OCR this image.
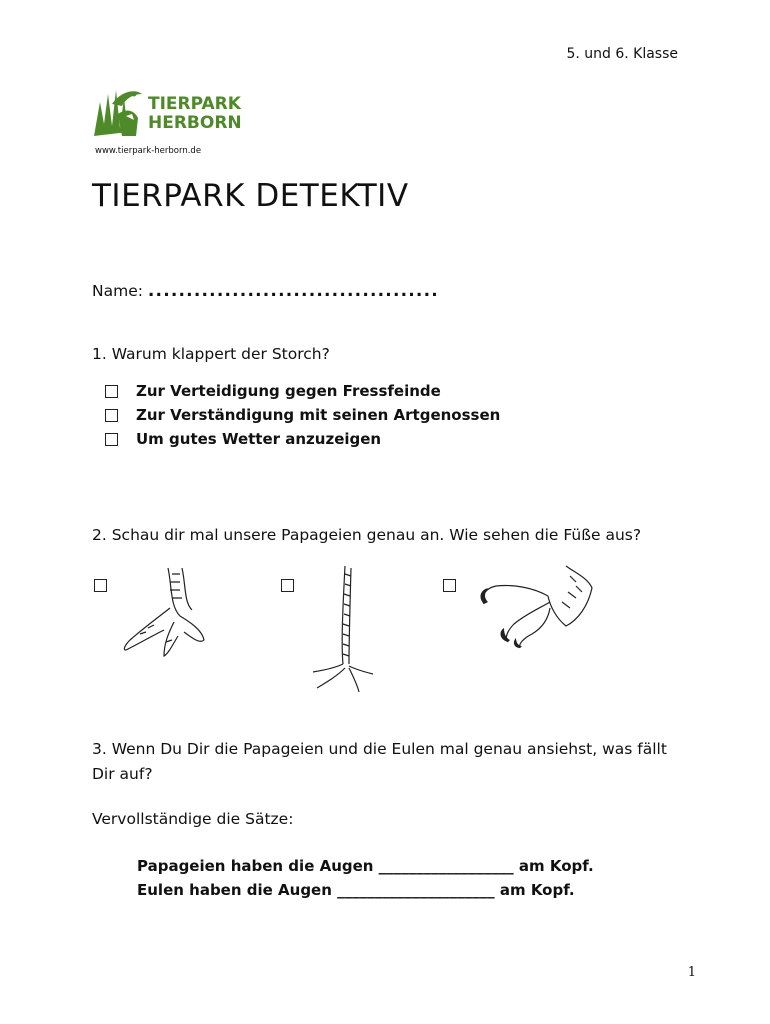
5. und 6. Klasse
TIERPARK
HERBORN
www.tierpark-herborn.de
TIERPARK DETEKTIV
Name: ......................................
1. Warum klappert der Storch?
Zur Verteidigung gegen Fressfeinde
Zur Verständigung mit seinen Artgenossen
Um gutes Wetter anzuzeigen
2. Schau dir mal unsere Papageien genau an. Wie sehen die Füße aus?
3. Wenn Du Dir die Papageien und die Eulen mal genau ansiehst, was fällt Dir auf?
Vervollständige die Sätze:
Papageien haben die Augen __________________ am Kopf.
Eulen haben die Augen _____________________ am Kopf.
1
